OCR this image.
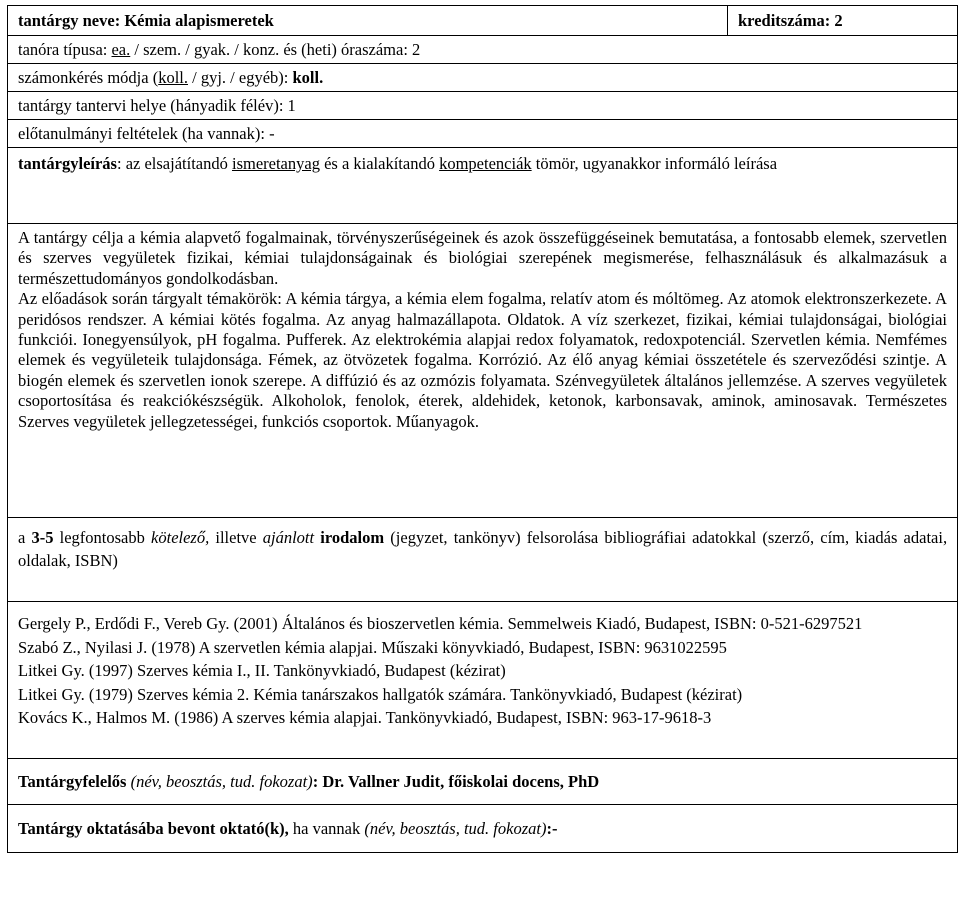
tantárgy neve: Kémia alapismeretek	kreditszáma: 2
tanóra típusa: ea. / szem. / gyak. / konz. és (heti) óraszáma: 2
számonkérés módja (koll. / gyj. / egyéb): koll.
tantárgy tantervi helye (hányadik félév): 1
előtanulmányi feltételek (ha vannak): -
tantárgyleírás: az elsajátítandó ismeretanyag és a kialakítandó kompetenciák tömör, ugyanakkor informáló leírása

A tantárgy célja a kémia alapvető fogalmainak, törvényszerűségeinek és azok összefüggéseinek bemutatása, a fontosabb elemek, szervetlen és szerves vegyületek fizikai, kémiai tulajdonságainak és biológiai szerepének megismerése, felhasználásuk és alkalmazásuk a természettudományos gondolkodásban.

Az előadások során tárgyalt témakörök: A kémia tárgya, a kémia elem fogalma, relatív atom és móltömeg. Az atomok elektronszerkezete. A peridósos rendszer. A kémiai kötés fogalma. Az anyag halmazállapota. Oldatok. A víz szerkezet, fizikai, kémiai tulajdonságai, biológiai funkciói. Ionegyensúlyok, pH fogalma. Pufferek. Az elektrokémia alapjai redox folyamatok, redoxpotenciál. Szervetlen kémia. Nemfémes elemek és vegyületeik tulajdonsága. Fémek, az ötvözetek fogalma. Korrózió. Az élő anyag kémiai összetétele és szerveződési szintje. A biogén elemek és szervetlen ionok szerepe. A diffúzió és az ozmózis folyamata. Szénvegyületek általános jellemzése. A szerves vegyületek csoportosítása és reakciókészségük. Alkoholok, fenolok, éterek, aldehidek, ketonok, karbonsavak, aminok, aminosavak. Természetes Szerves vegyületek jellegzetességei, funkciós csoportok. Műanyagok.

a 3-5 legfontosabb kötelező, illetve ajánlott irodalom (jegyzet, tankönyv) felsorolása bibliográfiai adatokkal (szerző, cím, kiadás adatai, oldalak, ISBN)

Gergely P., Erdődi F., Vereb Gy. (2001) Általános és bioszervetlen kémia. Semmelweis Kiadó, Budapest, ISBN: 0-521-6297521

Szabó Z., Nyilasi J. (1978) A szervetlen kémia alapjai. Műszaki könyvkiadó, Budapest, ISBN: 9631022595

Litkei Gy. (1997) Szerves kémia I., II. Tankönyvkiadó, Budapest (kézirat)

Litkei Gy. (1979) Szerves kémia 2. Kémia tanárszakos hallgatók számára. Tankönyvkiadó, Budapest (kézirat)

Kovács K., Halmos M. (1986) A szerves kémia alapjai. Tankönyvkiadó, Budapest, ISBN: 963-17-9618-3

Tantárgyfelelős (név, beosztás, tud. fokozat): Dr. Vallner Judit, főiskolai docens, PhD
Tantárgy oktatásába bevont oktató(k), ha vannak (név, beosztás, tud. fokozat):-
